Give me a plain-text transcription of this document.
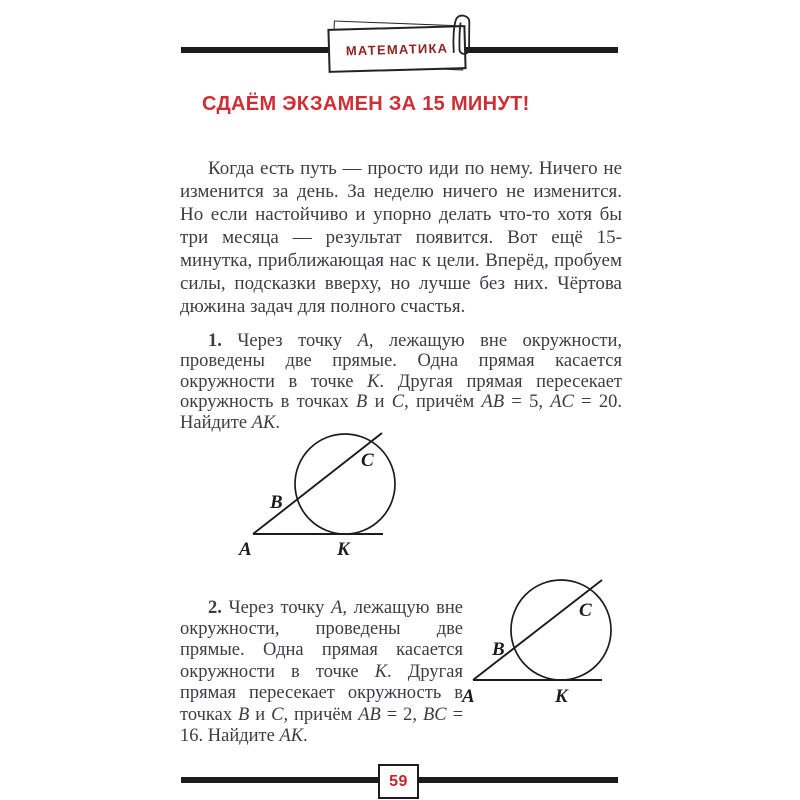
МАТЕМАТИКА
СДАЁМ ЭКЗАМЕН ЗА 15 МИНУТ!

Когда есть путь — просто иди по нему. Ничего не изменится за день. За неделю ничего не изменится. Но если настойчиво и упорно делать что-то хотя бы три месяца — результат появится. Вот ещё 15-минутка, приближающая нас к цели. Вперёд, пробуем силы, подсказки вверху, но лучше без них. Чёртова дюжина задач для полного счастья.

1. Через точку A, лежащую вне окружности, проведены две прямые. Одна прямая касается окружности в точке K. Другая прямая пересекает окружность в точках B и C, причём AB = 5, AC = 20. Найдите AK.

A
B
C
K

2. Через точку A, лежащую вне окружности, проведены две прямые. Одна прямая касается окружности в точке K. Другая прямая пересекает окружность в точках B и C, причём AB = 2, BC = 16. Найдите AK.

A
B
C
K
59
